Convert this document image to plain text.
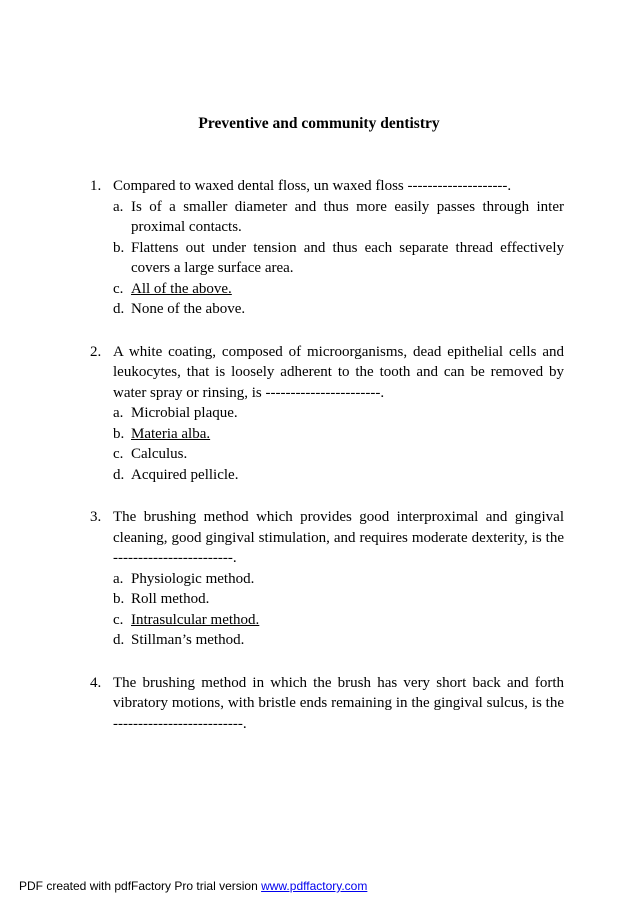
Preventive and community dentistry
1. Compared to waxed dental floss, un waxed floss --------------------.
a. Is of a smaller diameter and thus more easily passes through inter proximal contacts.
b. Flattens out under tension and thus each separate thread effectively covers a large surface area.
c. All of the above.
d. None of the above.
2. A white coating, composed of microorganisms, dead epithelial cells and leukocytes, that is loosely adherent to the tooth and can be removed by water spray or rinsing, is -----------------------.
a. Microbial plaque.
b. Materia alba.
c. Calculus.
d. Acquired pellicle.
3. The brushing method which provides good interproximal and gingival cleaning, good gingival stimulation, and requires moderate dexterity, is the ------------------------.
a. Physiologic method.
b. Roll method.
c. Intrasulcular method.
d. Stillman’s method.
4. The brushing method in which the brush has very short back and forth vibratory motions, with bristle ends remaining in the gingival sulcus, is the --------------------------.
PDF created with pdfFactory Pro trial version www.pdffactory.com
